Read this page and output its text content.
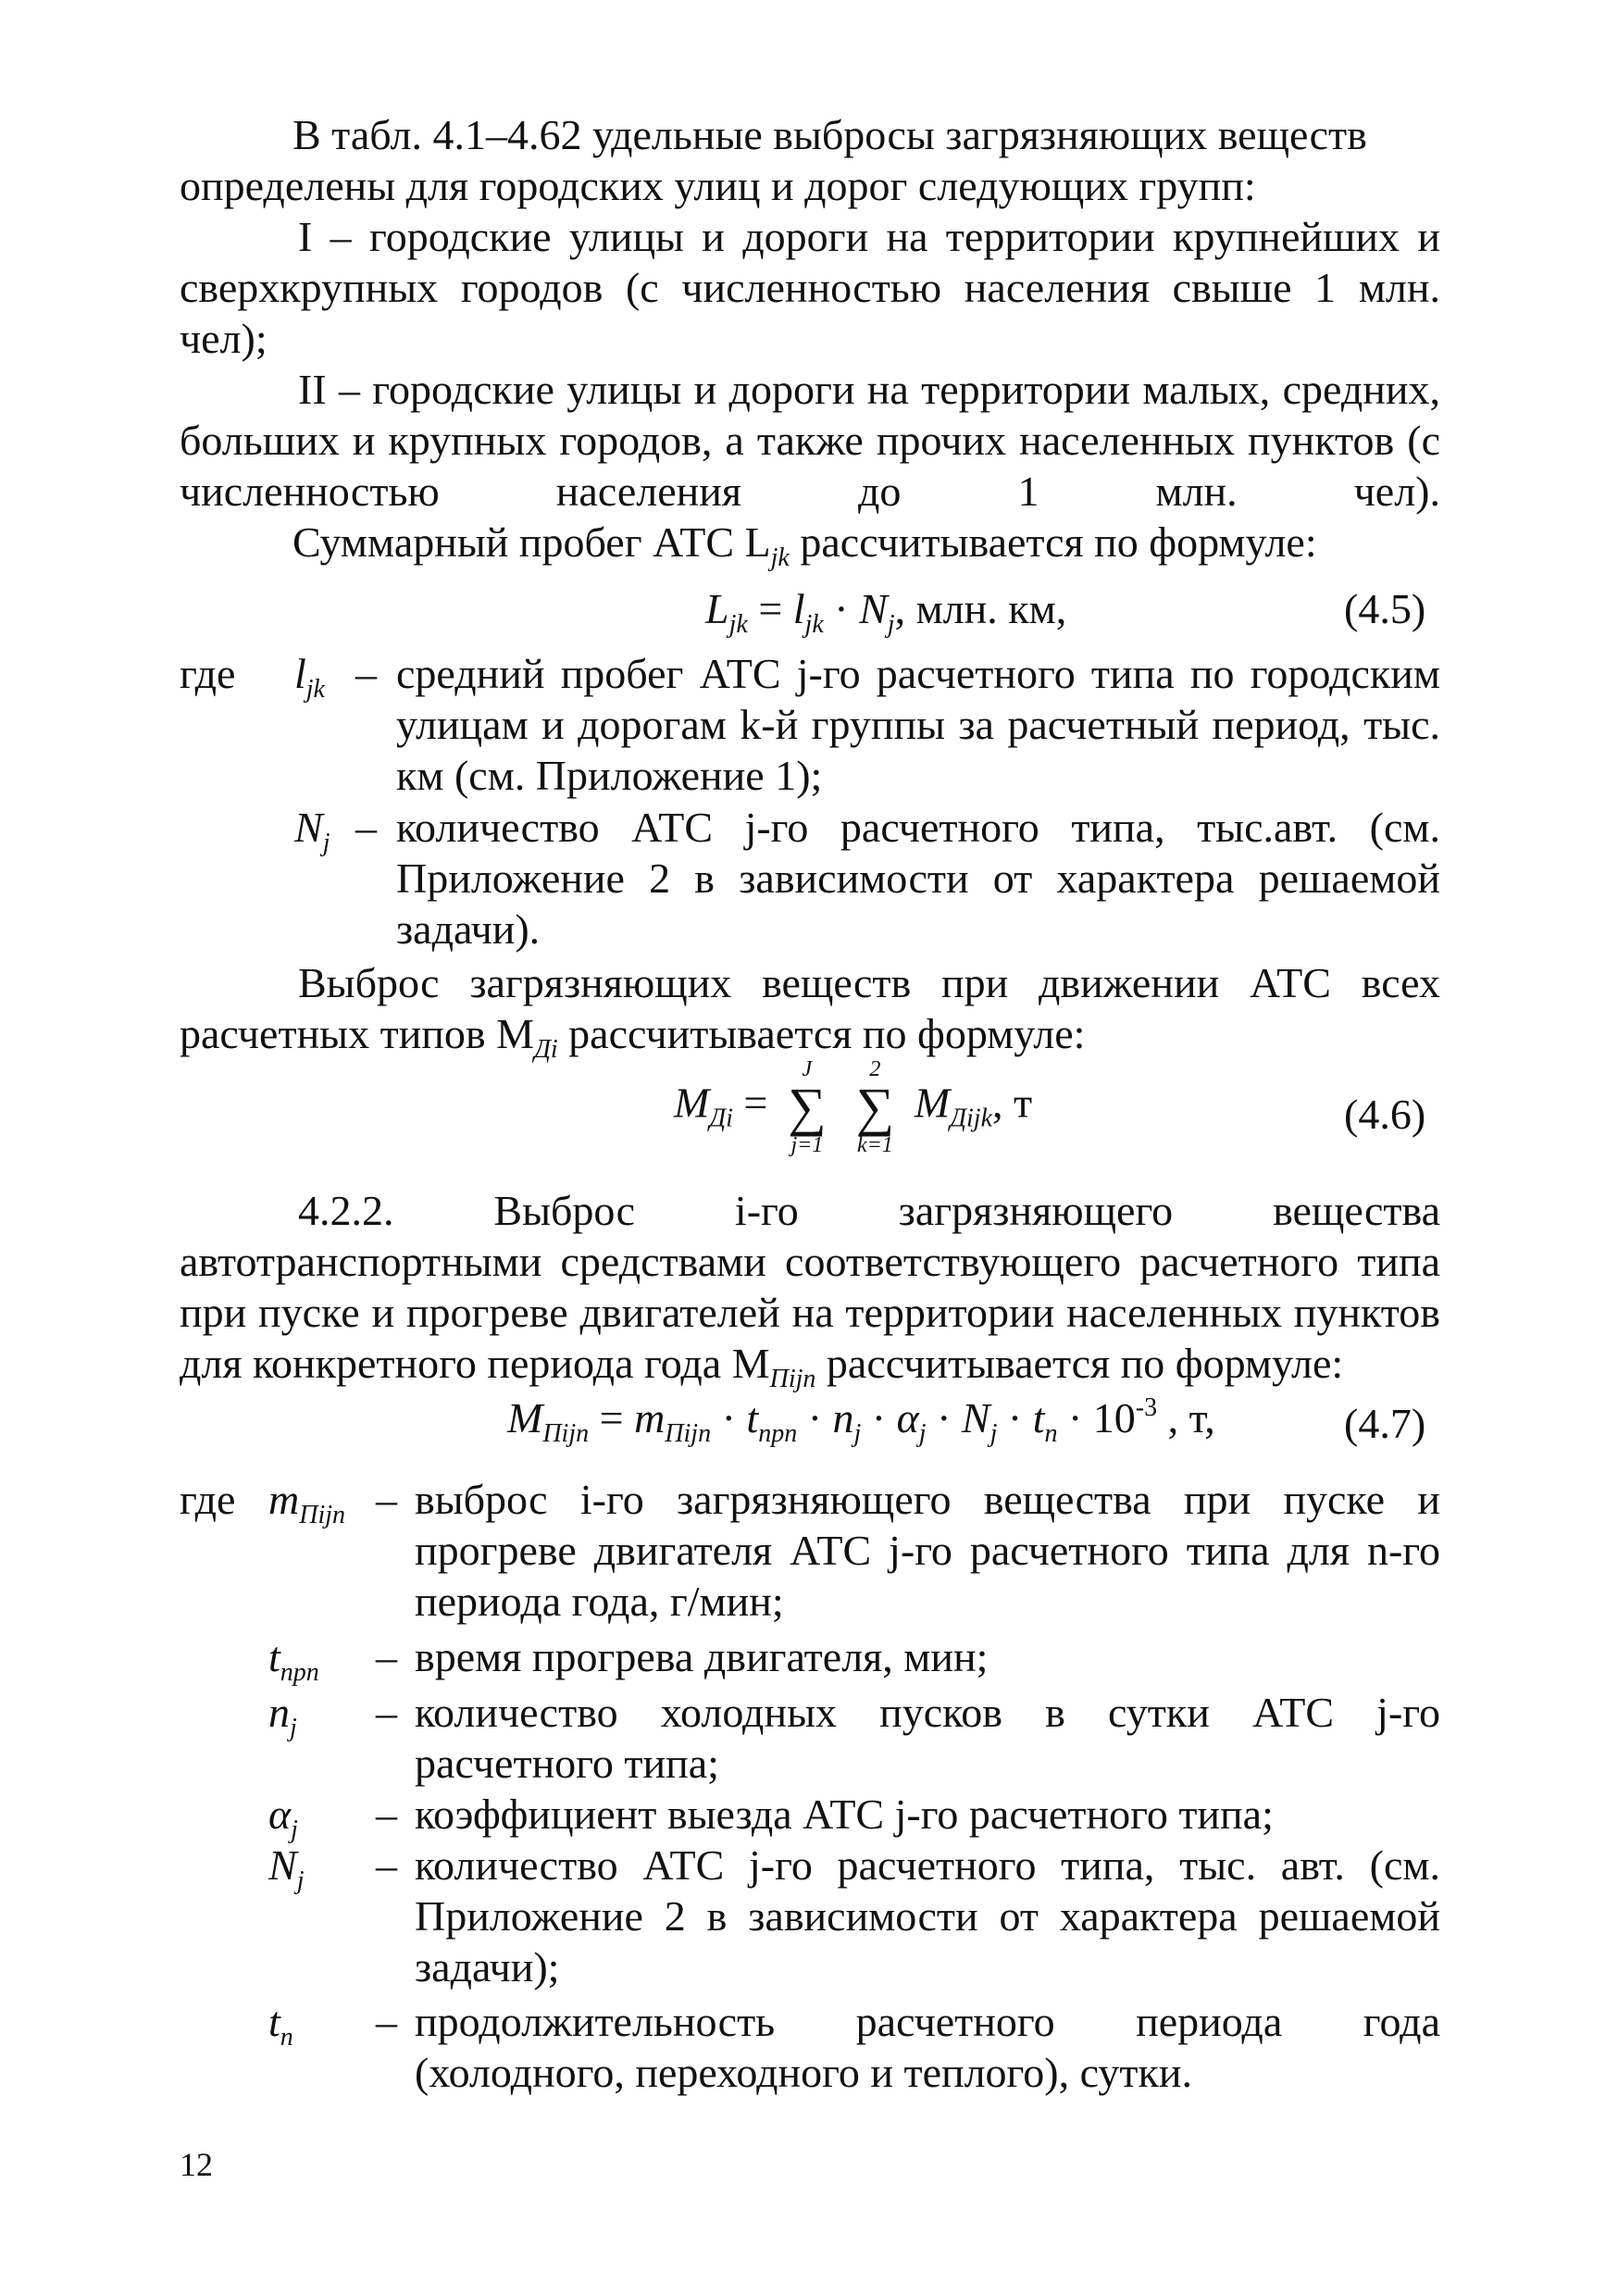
В табл. 4.1–4.62 удельные выбросы загрязняющих веществ
определены для городских улиц и дорог следующих групп:
I – городские улицы и дороги на территории крупнейших и сверхкрупных городов (с численностью населения свыше 1 млн. чел);
II – городские улицы и дороги на территории малых, средних, больших и крупных городов, а также прочих населенных пунктов (с численностью населения до 1 млн. чел).
Суммарный пробег АТС $L_{jk}$ рассчитывается по формуле:
$L_{jk} = l_{jk} \cdot N_j$, млн. км,	(4.5)
где $l_{jk}$ – средний пробег АТС j-го расчетного типа по городским улицам и дорогам k-й группы за расчетный период, тыс. км (см. Приложение 1);
$N_j$ – количество АТС j-го расчетного типа, тыс.авт. (см. Приложение 2 в зависимости от характера решаемой задачи).
Выброс загрязняющих веществ при движении АТС всех расчетных типов $M_{Дi}$ рассчитывается по формуле:
$M_{Дi}$ =
J
∑
j=1

2
∑
k=1
$M_{Дijk}$, т	(4.6)
4.2.2. Выброс i-го загрязняющего вещества автотранспортными средствами соответствующего расчетного типа при пуске и прогреве двигателей на территории населенных пунктов для конкретного периода года $M_{Пijn}$ рассчитывается по формуле:
$M_{Пijn} = m_{Пijn} \cdot t_{npn} \cdot n_j \cdot \alpha_j \cdot N_j \cdot t_n \cdot 10^{-3}$ , т,	(4.7)
где $m_{Пijn}$ – выброс i-го загрязняющего вещества при пуске и прогреве двигателя АТС j-го расчетного типа для n-го периода года, г/мин;
$t_{npn}$ – время прогрева двигателя, мин;
$n_j$ – количество холодных пусков в сутки АТС j-го расчетного типа;
$\alpha_j$ – коэффициент выезда АТС j-го расчетного типа;
$N_j$ – количество АТС j-го расчетного типа, тыс. авт. (см. Приложение 2 в зависимости от характера решаемой задачи);
$t_n$ – продолжительность расчетного периода года (холодного, переходного и теплого), сутки.
12
